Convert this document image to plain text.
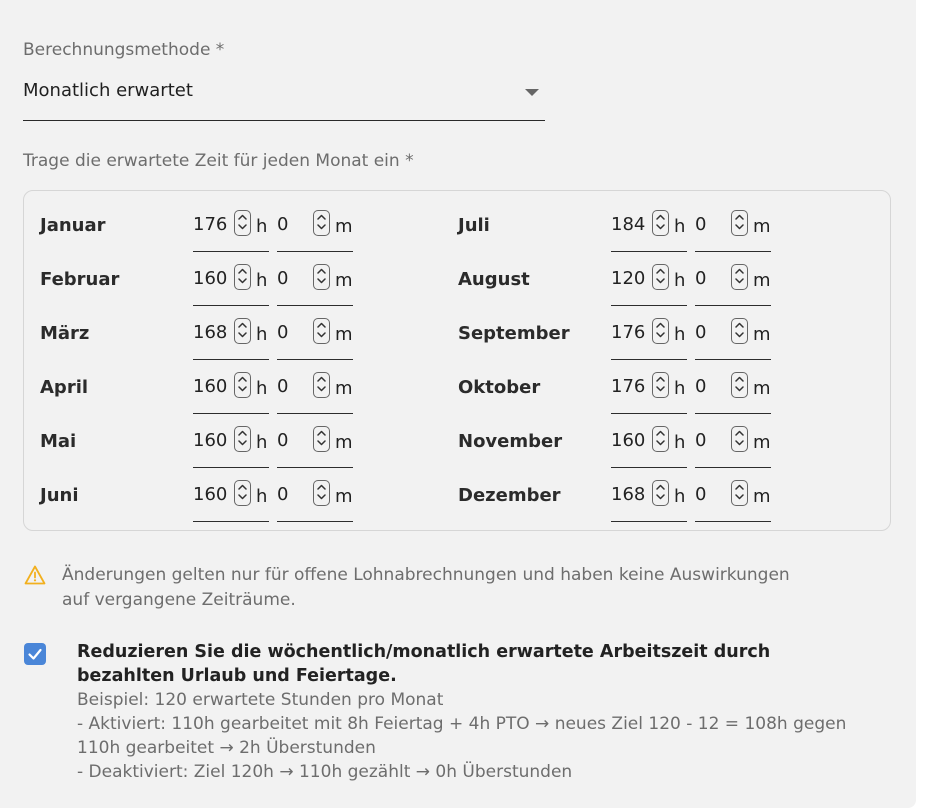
Berechnungsmethode *
Monatlich erwartet
Trage die erwartete Zeit für jeden Monat ein *
Januar	176 h 0	m
Februar	160 h 0	m
März	168 h 0	m
April	160 h 0	m
Mai	160 h 0	m
Juni	160 h 0	m
Juli	184 h 0	m
August	120 h 0	m
September 176 h 0	m
Oktober	176 h 0	m
November	160 h 0	m
Dezember	168 h 0	m
Änderungen gelten nur für offene Lohnabrechnungen und haben keine Auswirkungen auf vergangene Zeiträume.
Reduzieren Sie die wöchentlich/monatlich erwartete Arbeitszeit durch bezahlten Urlaub und Feiertage.
Beispiel: 120 erwartete Stunden pro Monat
- Aktiviert: 110h gearbeitet mit 8h Feiertag + 4h PTO → neues Ziel 120 - 12 = 108h gegen 110h gearbeitet → 2h Überstunden
- Deaktiviert: Ziel 120h → 110h gezählt → 0h Überstunden
